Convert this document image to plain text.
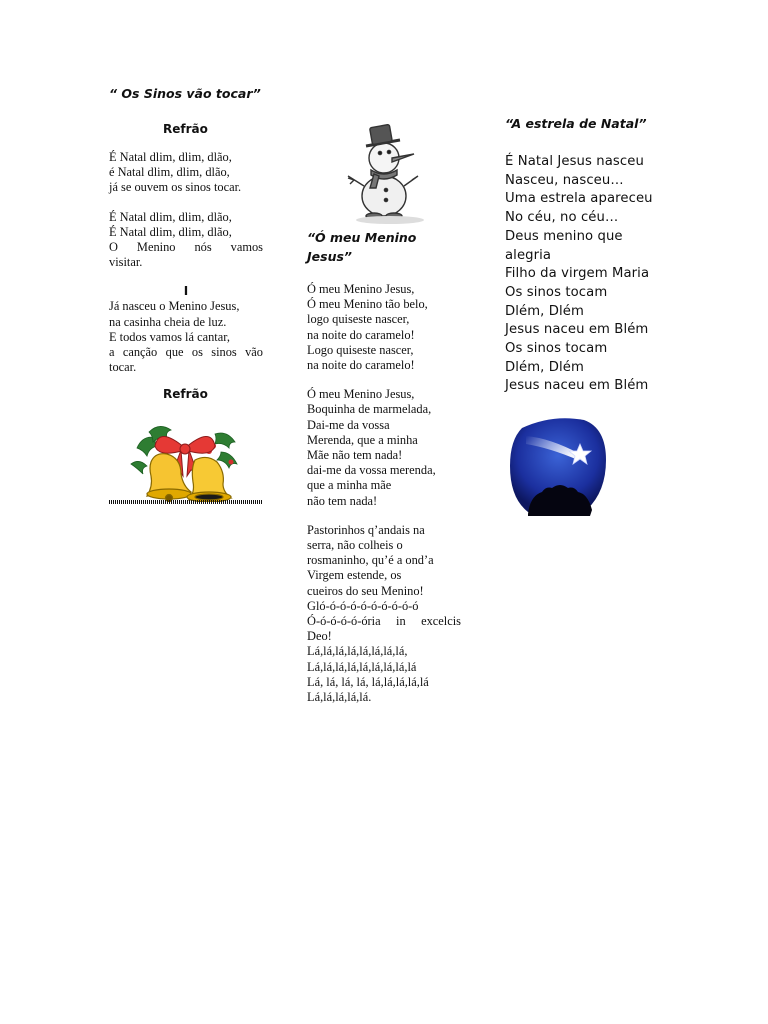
“ Os Sinos vão tocar”
Refrão
É Natal dlim, dlim, dlão,
é Natal dlim, dlim, dlão,
já se ouvem os sinos tocar.
É Natal dlim, dlim, dlão,
É Natal dlim, dlim, dlão,
O Menino nós vamos
visitar.
I
Já nasceu o Menino Jesus,
na casinha cheia de luz.
E todos vamos lá cantar,
a canção que os sinos vão
tocar.
Refrão
“Ó meu Menino
Jesus”
Ó meu Menino Jesus,
Ó meu Menino tão belo,
logo quiseste nascer,
na noite do caramelo!
Logo quiseste nascer,
na noite do caramelo!
Ó meu Menino Jesus,
Boquinha de marmelada,
Dai-me da vossa
Merenda, que a minha
Mãe não tem nada!
dai-me da vossa merenda,
que a minha mãe
não tem nada!
Pastorinhos q’andais na
serra, não colheis o
rosmaninho, qu’é a ond’a
Virgem estende, os
cueiros do seu Menino!
Gló-ó-ó-ó-ó-ó-ó-ó-ó-ó
Ó-ó-ó-ó-ó-ória in excelcis
Deo!
Lá,lá,lá,lá,lá,lá,lá,lá,
Lá,lá,lá,lá,lá,lá,lá,lá,lá
Lá, lá, lá, lá, lá,lá,lá,lá,lá
Lá,lá,lá,lá,lá.
“A estrela de Natal”
É Natal Jesus nasceu
Nasceu, nasceu…
Uma estrela apareceu
No céu, no céu…
Deus menino que
alegria
Filho da virgem Maria
Os sinos tocam
Dlém, Dlém
Jesus naceu em Blém
Os sinos tocam
Dlém, Dlém
Jesus naceu em Blém
